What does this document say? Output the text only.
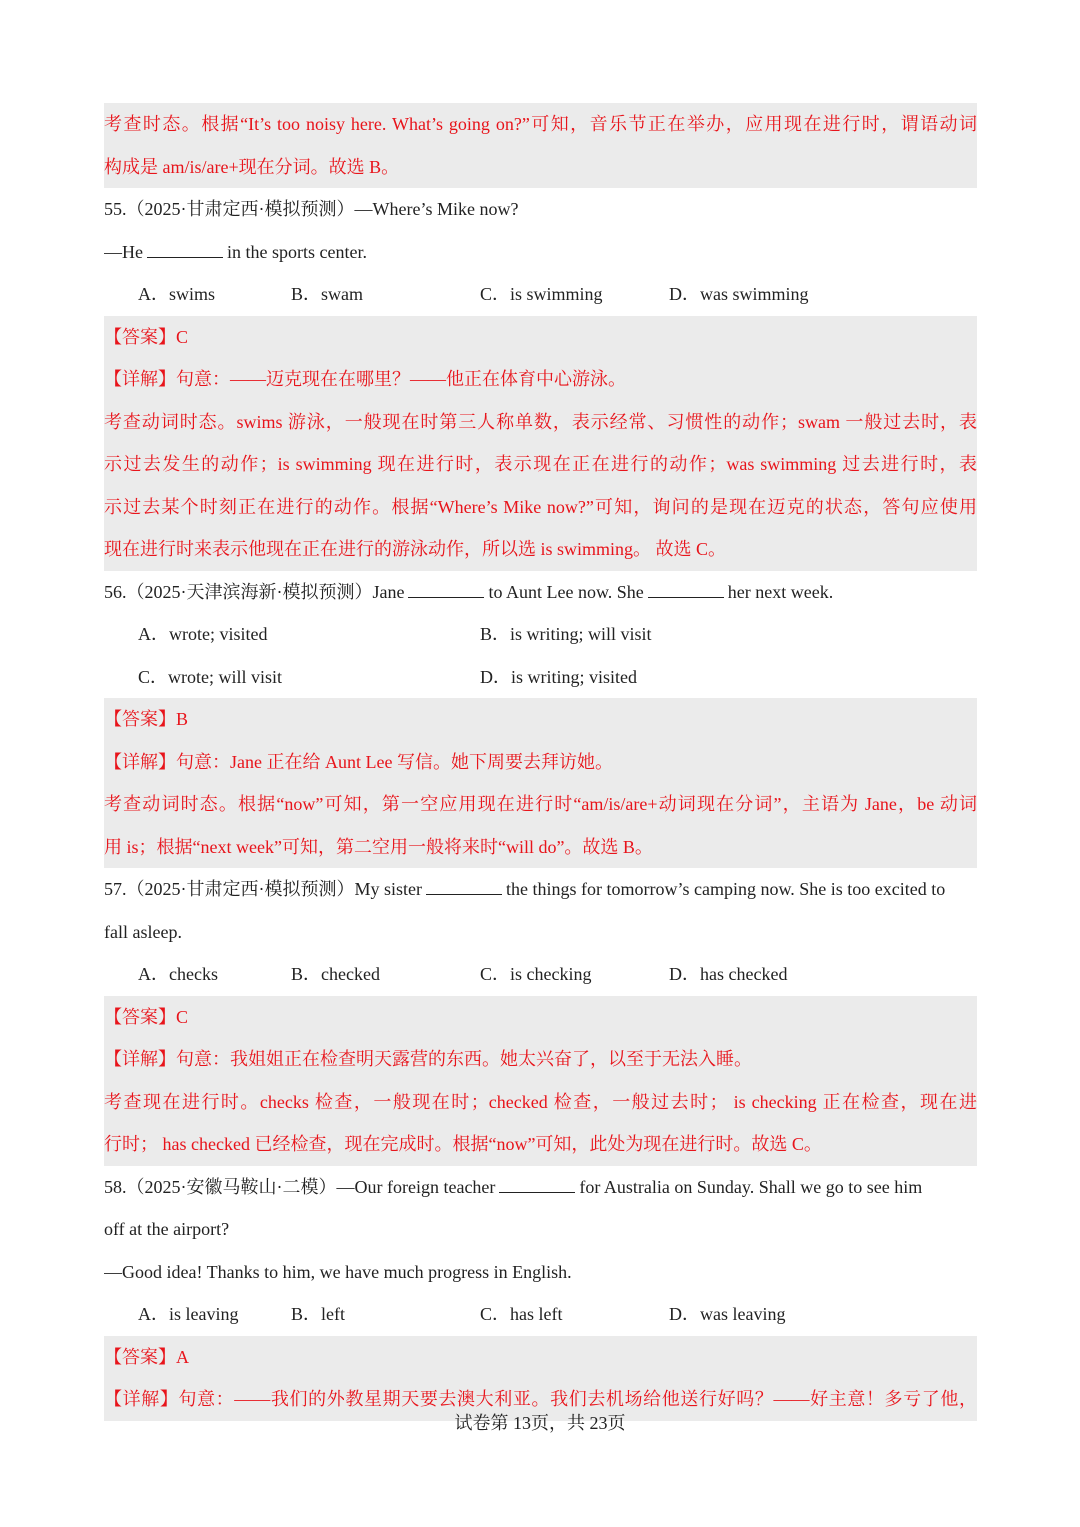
考查时态。根据“It’s too noisy here. What’s going on?”可知，音乐节正在举办，应用现在进行时，谓语动词
构成是 am/is/are+现在分词。故选 B。
55.（2025·甘肃定西·模拟预测）—Where’s Mike now?
—He	in the sports center.
A．swims	B．swam	C．is swimming	D．was swimming
【答案】C
【详解】句意：——迈克现在在哪里？——他正在体育中心游泳。
考查动词时态。swims 游泳，一般现在时第三人称单数，表示经常、习惯性的动作；swam 一般过去时，表
示过去发生的动作；is swimming 现在进行时，表示现在正在进行的动作；was swimming 过去进行时，表
示过去某个时刻正在进行的动作。根据“Where’s Mike now?”可知，询问的是现在迈克的状态，答句应使用
现在进行时来表示他现在正在进行的游泳动作，所以选 is swimming。 故选 C。
56.（2025·天津滨海新·模拟预测）Jane	to Aunt Lee now. She	her next week.
A．wrote; visited	B．is writing; will visit
C．wrote; will visit	D．is writing; visited
【答案】B
【详解】句意：Jane 正在给 Aunt Lee 写信。她下周要去拜访她。
考查动词时态。根据“now”可知，第一空应用现在进行时“am/is/are+动词现在分词”，主语为 Jane，be 动词
用 is；根据“next week”可知，第二空用一般将来时“will do”。故选 B。
57.（2025·甘肃定西·模拟预测）My sister	the things for tomorrow’s camping now. She is too excited to
fall asleep.
A．checks	B．checked	C．is checking	D．has checked
【答案】C
【详解】句意：我姐姐正在检查明天露营的东西。她太兴奋了，以至于无法入睡。
考查现在进行时。checks 检查，一般现在时；checked 检查，一般过去时； is checking 正在检查，现在进
行时； has checked 已经检查，现在完成时。根据“now”可知，此处为现在进行时。故选 C。
58.（2025·安徽马鞍山·二模）—Our foreign teacher	for Australia on Sunday. Shall we go to see him
off at the airport?
—Good idea! Thanks to him, we have much progress in English.
A．is leaving	B．left	C．has left	D．was leaving
【答案】A
【详解】句意：——我们的外教星期天要去澳大利亚。我们去机场给他送行好吗？——好主意！多亏了他，
试卷第 13页，共 23页
